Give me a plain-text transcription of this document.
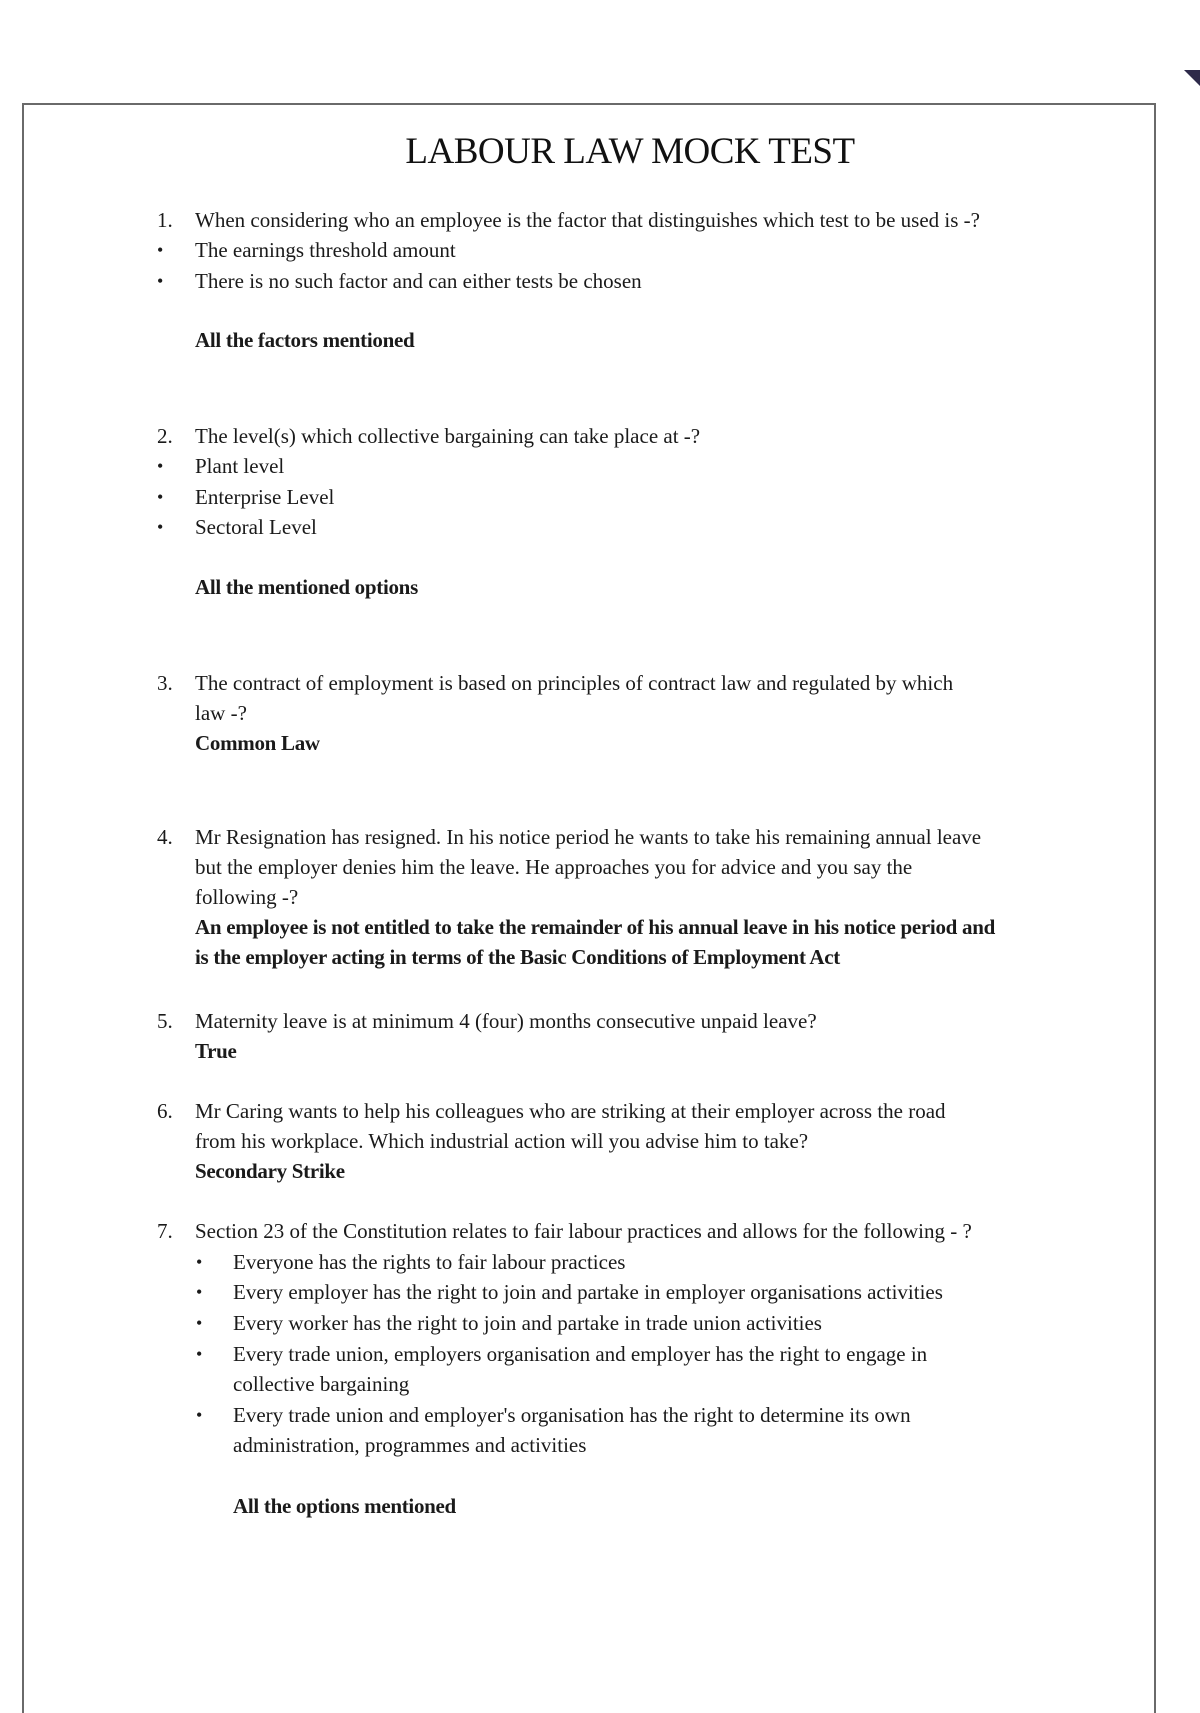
LABOUR LAW MOCK TEST
1.	When considering who an employee is the factor that distinguishes which test to be used is -?
• The earnings threshold amount
• There is no such factor and can either tests be chosen
All the factors mentioned
2.	The level(s) which collective bargaining can take place at -?
• Plant level
• Enterprise Level
• Sectoral Level
All the mentioned options
3.	The contract of employment is based on principles of contract law and regulated by which
law -?
Common Law
4.	Mr Resignation has resigned. In his notice period he wants to take his remaining annual leave
but the employer denies him the leave. He approaches you for advice and you say the
following -?
An employee is not entitled to take the remainder of his annual leave in his notice period and
is the employer acting in terms of the Basic Conditions of Employment Act
5.	Maternity leave is at minimum 4 (four) months consecutive unpaid leave?
True
6.	Mr Caring wants to help his colleagues who are striking at their employer across the road
from his workplace. Which industrial action will you advise him to take?
Secondary Strike
7.	Section 23 of the Constitution relates to fair labour practices and allows for the following - ?
• Everyone has the rights to fair labour practices
• Every employer has the right to join and partake in employer organisations activities
• Every worker has the right to join and partake in trade union activities
• Every trade union, employers organisation and employer has the right to engage in
collective bargaining
• Every trade union and employer's organisation has the right to determine its own
administration, programmes and activities
All the options mentioned
